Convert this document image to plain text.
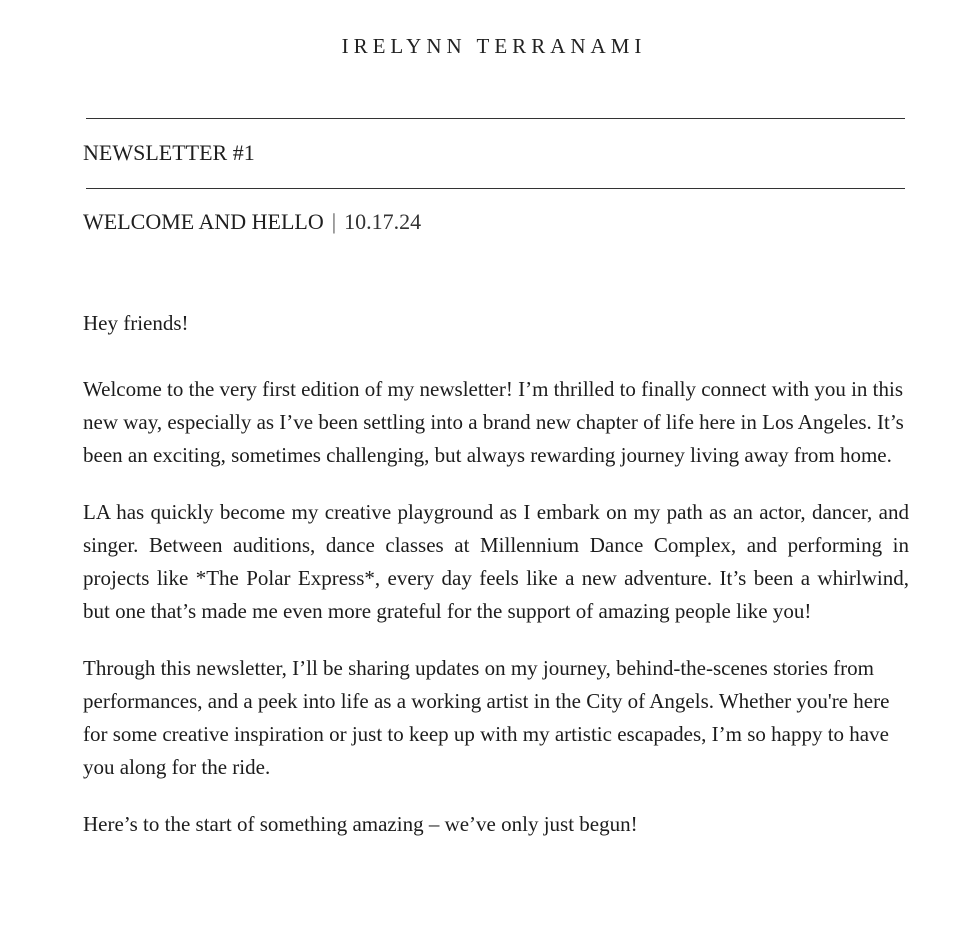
IRELYNN TERRANAMI
NEWSLETTER #1
WELCOME AND HELLO | 10.17.24

Hey friends!

Welcome to the very first edition of my newsletter! I’m thrilled to finally connect with you in this new way, especially as I’ve been settling into a brand new chapter of life here in Los Angeles. It’s been an exciting, sometimes challenging, but always rewarding journey living away from home.

LA has quickly become my creative playground as I embark on my path as an actor, dancer, and singer. Between auditions, dance classes at Millennium Dance Complex, and performing in projects like *The Polar Express*, every day feels like a new adventure. It’s been a whirlwind, but one that’s made me even more grateful for the support of amazing people like you!

Through this newsletter, I’ll be sharing updates on my journey, behind-the-scenes stories from performances, and a peek into life as a working artist in the City of Angels. Whether you're here for some creative inspiration or just to keep up with my artistic escapades, I’m so happy to have you along for the ride.

Here’s to the start of something amazing – we’ve only just begun!
